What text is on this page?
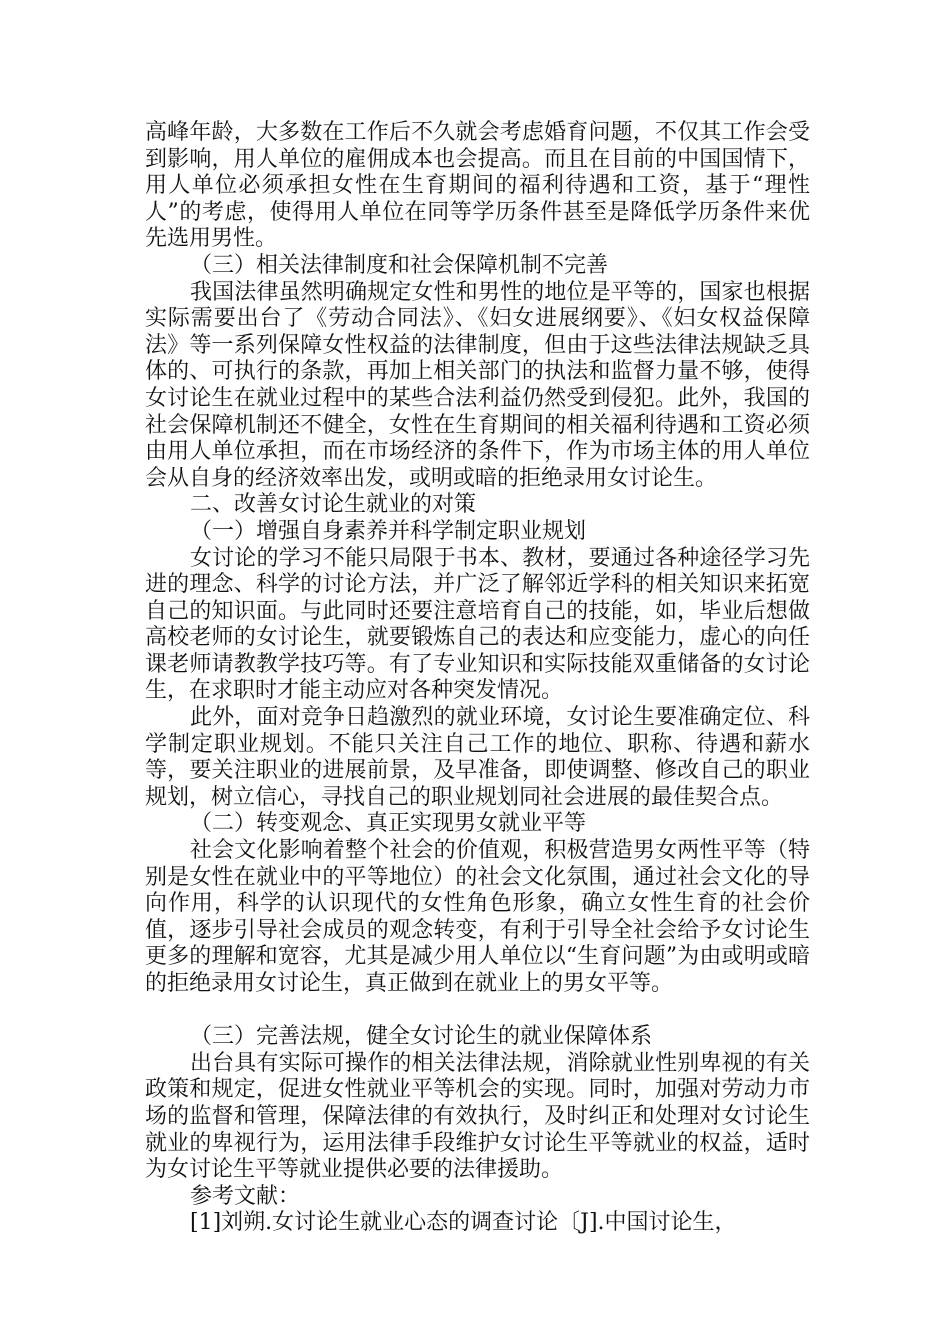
高峰年龄，大多数在工作后不久就会考虑婚育问题，不仅其工作会受到影响，用人单位的雇佣成本也会提高。而且在目前的中国国情下，用人单位必须承担女性在生育期间的福利待遇和工资，基于“理性人”的考虑，使得用人单位在同等学历条件甚至是降低学历条件来优先选用男性。

（三）相关法律制度和社会保障机制不完善

我国法律虽然明确规定女性和男性的地位是平等的，国家也根据实际需要出台了《劳动合同法》、《妇女进展纲要》、《妇女权益保障法》等一系列保障女性权益的法律制度，但由于这些法律法规缺乏具体的、可执行的条款，再加上相关部门的执法和监督力量不够，使得女讨论生在就业过程中的某些合法利益仍然受到侵犯。此外，我国的社会保障机制还不健全，女性在生育期间的相关福利待遇和工资必须由用人单位承担，而在市场经济的条件下，作为市场主体的用人单位会从自身的经济效率出发，或明或暗的拒绝录用女讨论生。

二、改善女讨论生就业的对策

（一）增强自身素养并科学制定职业规划

女讨论的学习不能只局限于书本、教材，要通过各种途径学习先进的理念、科学的讨论方法，并广泛了解邻近学科的相关知识来拓宽自己的知识面。与此同时还要注意培育自己的技能，如，毕业后想做高校老师的女讨论生，就要锻炼自己的表达和应变能力，虚心的向任课老师请教教学技巧等。有了专业知识和实际技能双重储备的女讨论生，在求职时才能主动应对各种突发情况。

此外，面对竞争日趋激烈的就业环境，女讨论生要准确定位、科学制定职业规划。不能只关注自己工作的地位、职称、待遇和薪水等，要关注职业的进展前景，及早准备，即使调整、修改自己的职业规划，树立信心，寻找自己的职业规划同社会进展的最佳契合点。

（二）转变观念、真正实现男女就业平等

社会文化影响着整个社会的价值观，积极营造男女两性平等（特别是女性在就业中的平等地位）的社会文化氛围，通过社会文化的导向作用，科学的认识现代的女性角色形象，确立女性生育的社会价值，逐步引导社会成员的观念转变，有利于引导全社会给予女讨论生更多的理解和宽容，尤其是减少用人单位以“生育问题”为由或明或暗的拒绝录用女讨论生，真正做到在就业上的男女平等。

（三）完善法规，健全女讨论生的就业保障体系

出台具有实际可操作的相关法律法规，消除就业性别卑视的有关政策和规定，促进女性就业平等机会的实现。同时，加强对劳动力市场的监督和管理，保障法律的有效执行，及时纠正和处理对女讨论生就业的卑视行为，运用法律手段维护女讨论生平等就业的权益，适时为女讨论生平等就业提供必要的法律援助。

参考文献：

[1]刘朔.女讨论生就业心态的调查讨论〔J].中国讨论生，
